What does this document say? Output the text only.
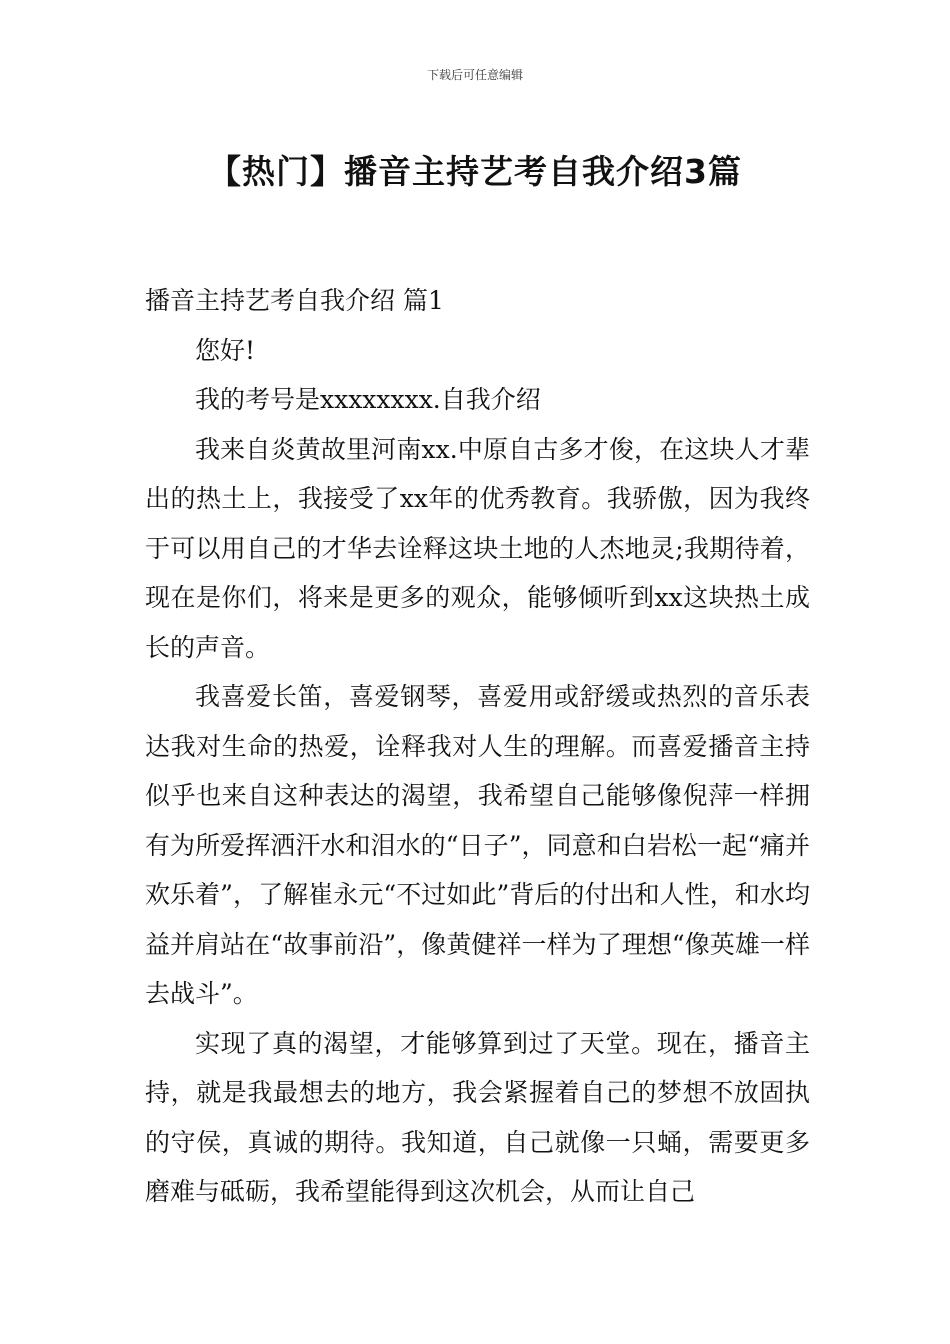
下载后可任意编辑
【热门】播音主持艺考自我介绍3篇
播音主持艺考自我介绍 篇1

您好!

我的考号是xxxxxxxx.自我介绍

我来自炎黄故里河南xx.中原自古多才俊，在这块人才辈出的热土上，我接受了xx年的优秀教育。我骄傲，因为我终于可以用自己的才华去诠释这块土地的人杰地灵;我期待着，现在是你们，将来是更多的观众，能够倾听到xx这块热土成长的声音。

我喜爱长笛，喜爱钢琴，喜爱用或舒缓或热烈的音乐表达我对生命的热爱，诠释我对人生的理解。而喜爱播音主持似乎也来自这种表达的渴望，我希望自己能够像倪萍一样拥有为所爱挥洒汗水和泪水的“日子”，同意和白岩松一起“痛并欢乐着”，了解崔永元“不过如此”背后的付出和人性，和水均益并肩站在“故事前沿”，像黄健祥一样为了理想“像英雄一样去战斗”。

实现了真的渴望，才能够算到过了天堂。现在，播音主持，就是我最想去的地方，我会紧握着自己的梦想不放固执的守侯，真诚的期待。我知道，自己就像一只蛹，需要更多磨难与砥砺，我希望能得到这次机会，从而让自己
